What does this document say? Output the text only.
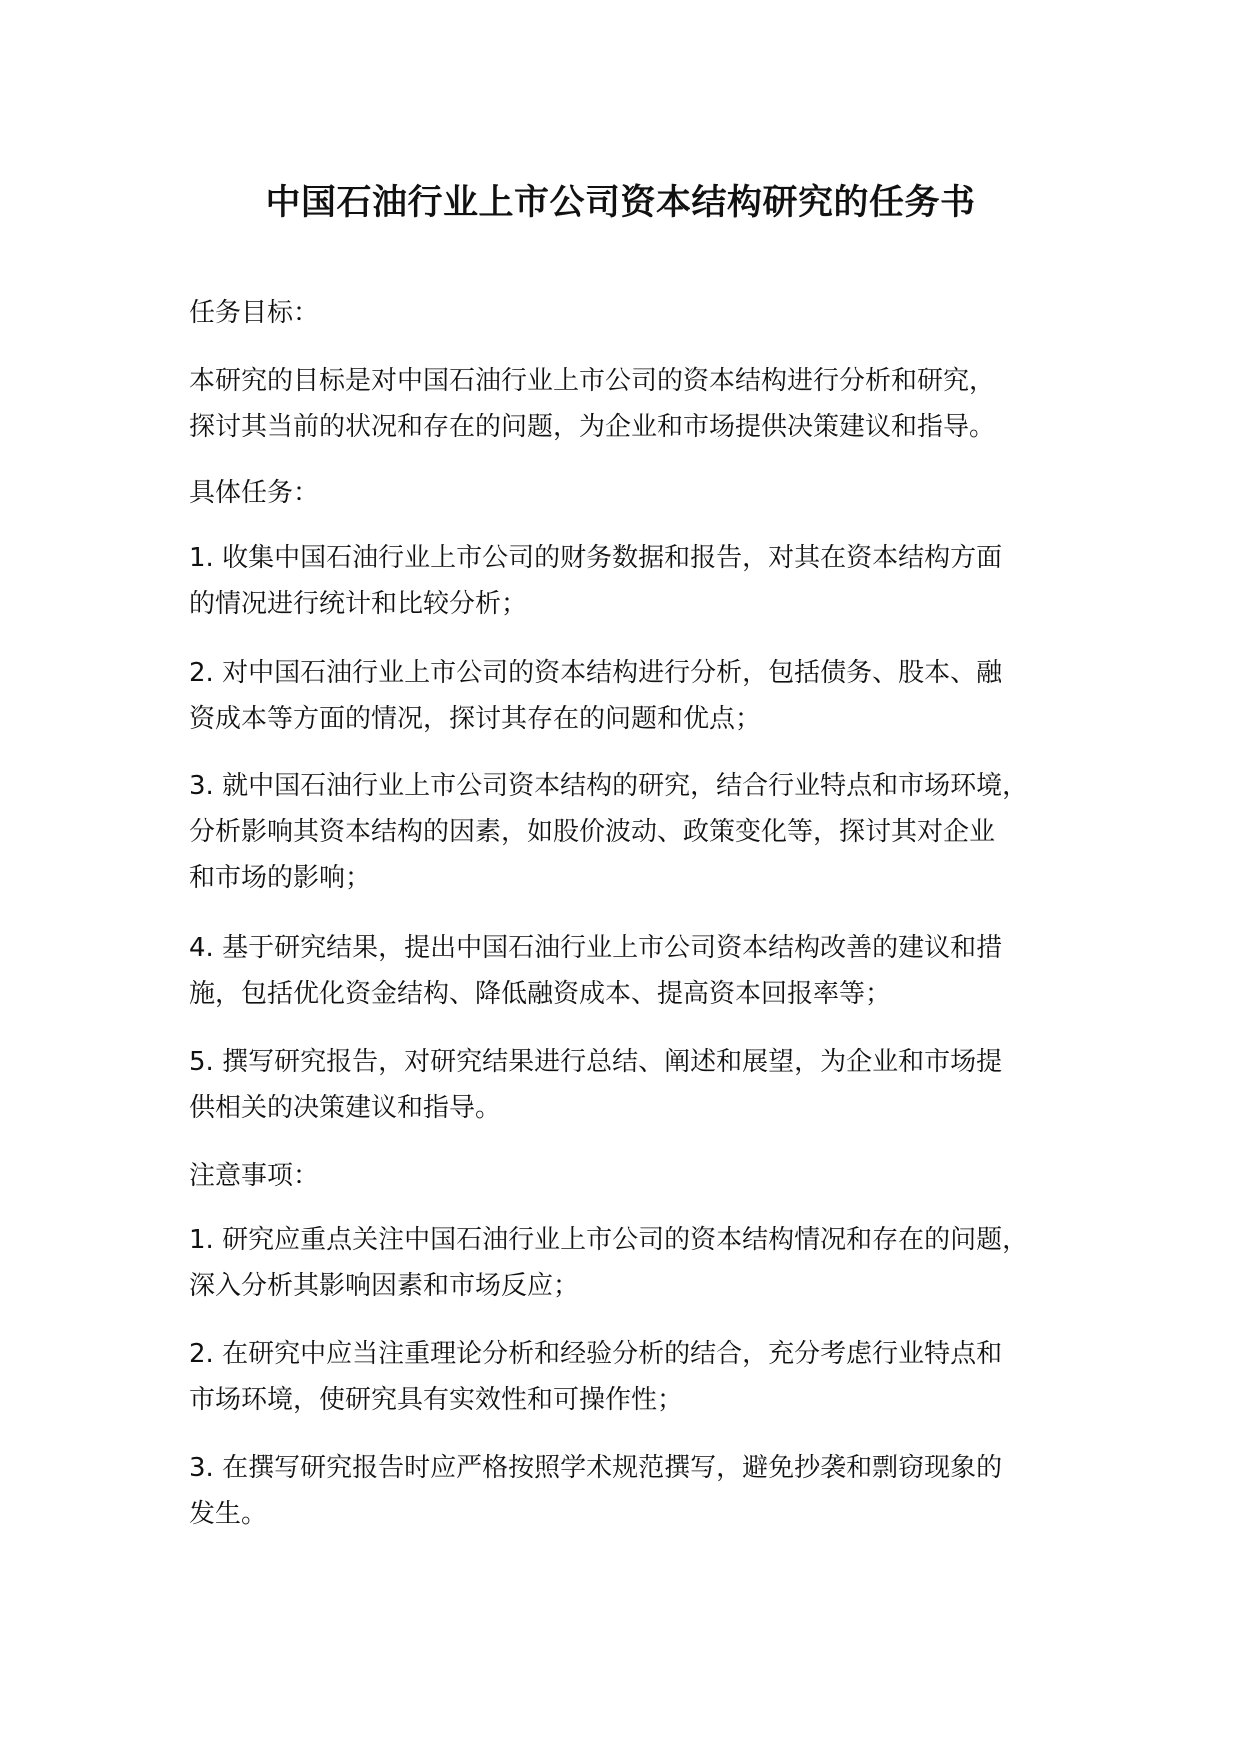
中国石油行业上市公司资本结构研究的任务书

任务目标：

本研究的目标是对中国石油行业上市公司的资本结构进行分析和研究，
探讨其当前的状况和存在的问题，为企业和市场提供决策建议和指导。

具体任务：

1. 收集中国石油行业上市公司的财务数据和报告，对其在资本结构方面
的情况进行统计和比较分析；

2. 对中国石油行业上市公司的资本结构进行分析，包括债务、股本、融
资成本等方面的情况，探讨其存在的问题和优点；

3. 就中国石油行业上市公司资本结构的研究，结合行业特点和市场环境，
分析影响其资本结构的因素，如股价波动、政策变化等，探讨其对企业
和市场的影响；

4. 基于研究结果，提出中国石油行业上市公司资本结构改善的建议和措
施，包括优化资金结构、降低融资成本、提高资本回报率等；

5. 撰写研究报告，对研究结果进行总结、阐述和展望，为企业和市场提
供相关的决策建议和指导。

注意事项：

1. 研究应重点关注中国石油行业上市公司的资本结构情况和存在的问题，
深入分析其影响因素和市场反应；

2. 在研究中应当注重理论分析和经验分析的结合，充分考虑行业特点和
市场环境，使研究具有实效性和可操作性；

3. 在撰写研究报告时应严格按照学术规范撰写，避免抄袭和剽窃现象的
发生。
